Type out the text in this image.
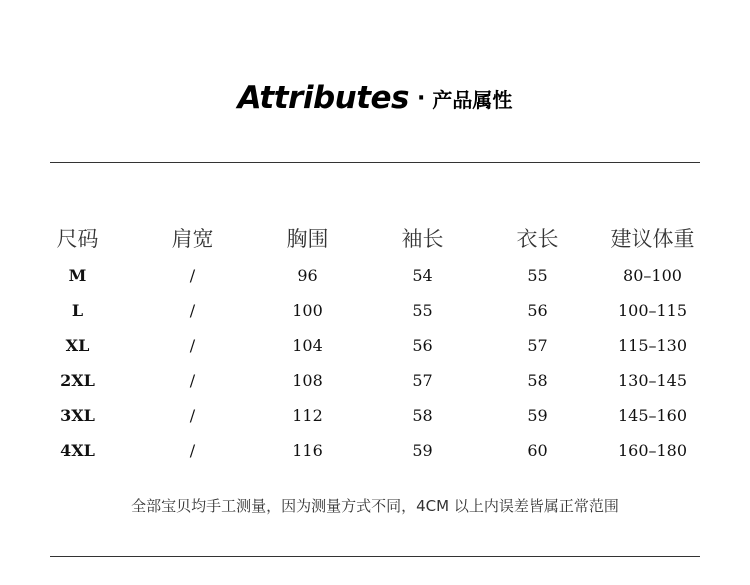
Attributes · 产品属性
尺码	肩宽	胸围	袖长	衣长	建议体重
M	/	96	54	55	80–100
L	/	100	55	56	100–115
XL	/	104	56	57	115–130
2XL	/	108	57	58	130–145
3XL	/	112	58	59	145–160
4XL	/	116	59	60	160–180
全部宝贝均手工测量，因为测量方式不同，4CM 以上内误差皆属正常范围
